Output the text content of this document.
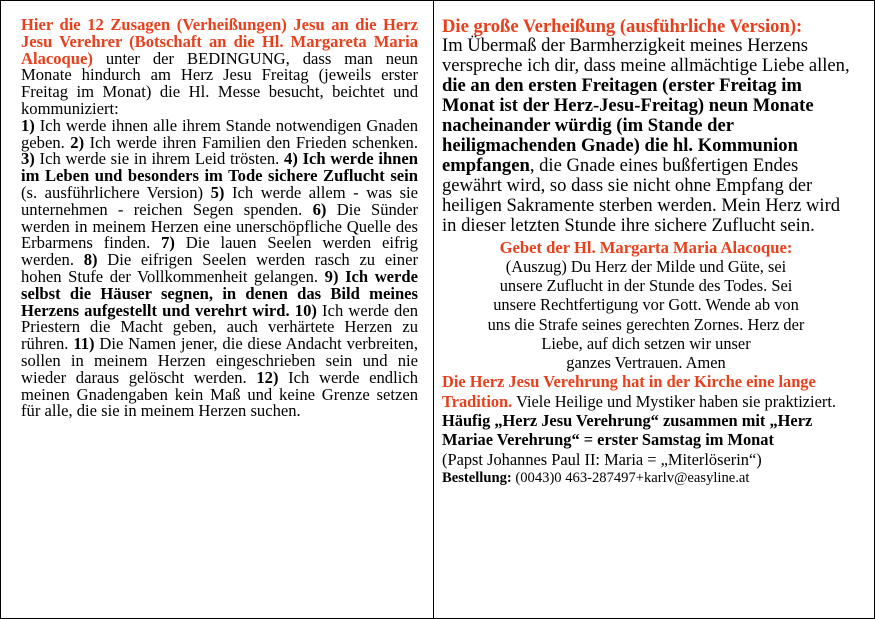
Hier die 12 Zusagen (Verheißungen) Jesu an die Herz Jesu Verehrer (Botschaft an die Hl. Margareta Maria Alacoque) unter der BEDINGUNG, dass man neun Monate hindurch am Herz Jesu Freitag (jeweils erster Freitag im Monat) die Hl. Messe besucht, beichtet und kommuniziert:

1) Ich werde ihnen alle ihrem Stande notwendigen Gnaden geben. 2) Ich werde ihren Familien den Frieden schenken. 3) Ich werde sie in ihrem Leid trösten. 4) Ich werde ihnen im Leben und besonders im Tode sichere Zuflucht sein (s. ausführlichere Version) 5) Ich werde allem - was sie unternehmen - reichen Segen spenden. 6) Die Sünder werden in meinem Herzen eine unerschöpfliche Quelle des Erbarmens finden. 7) Die lauen Seelen werden eifrig werden. 8) Die eifrigen Seelen werden rasch zu einer hohen Stufe der Vollkommenheit gelangen. 9) Ich werde selbst die Häuser segnen, in denen das Bild meines Herzens aufgestellt und verehrt wird. 10) Ich werde den Priestern die Macht geben, auch verhärtete Herzen zu rühren. 11) Die Namen jener, die diese Andacht verbreiten, sollen in meinem Herzen eingeschrieben sein und nie wieder daraus gelöscht werden. 12) Ich werde endlich meinen Gnadengaben kein Maß und keine Grenze setzen für alle, die sie in meinem Herzen suchen.

Die große Verheißung (ausführliche Version):

Im Übermaß der Barmherzigkeit meines Herzens verspreche ich dir, dass meine allmächtige Liebe allen, die an den ersten Freitagen (erster Freitag im Monat ist der Herz-Jesu-Freitag) neun Monate nacheinander würdig (im Stande der heiligmachenden Gnade) die hl. Kommunion empfangen, die Gnade eines bußfertigen Endes gewährt wird, so dass sie nicht ohne Empfang der heiligen Sakramente sterben werden. Mein Herz wird in dieser letzten Stunde ihre sichere Zuflucht sein.

Gebet der Hl. Margarta Maria Alacoque:

(Auszug) Du Herz der Milde und Güte, sei
unsere Zuflucht in der Stunde des Todes. Sei
unsere Rechtfertigung vor Gott. Wende ab von
uns die Strafe seines gerechten Zornes. Herz der
Liebe, auf dich setzen wir unser
ganzes Vertrauen. Amen

Die Herz Jesu Verehrung hat in der Kirche eine lange Tradition. Viele Heilige und Mystiker haben sie praktiziert. Häufig „Herz Jesu Verehrung“ zusammen mit „Herz Mariae Verehrung“ = erster Samstag im Monat

(Papst Johannes Paul II: Maria = „Miterlöserin“)

Bestellung: (0043)0 463-287497+karlv@easyline.at
